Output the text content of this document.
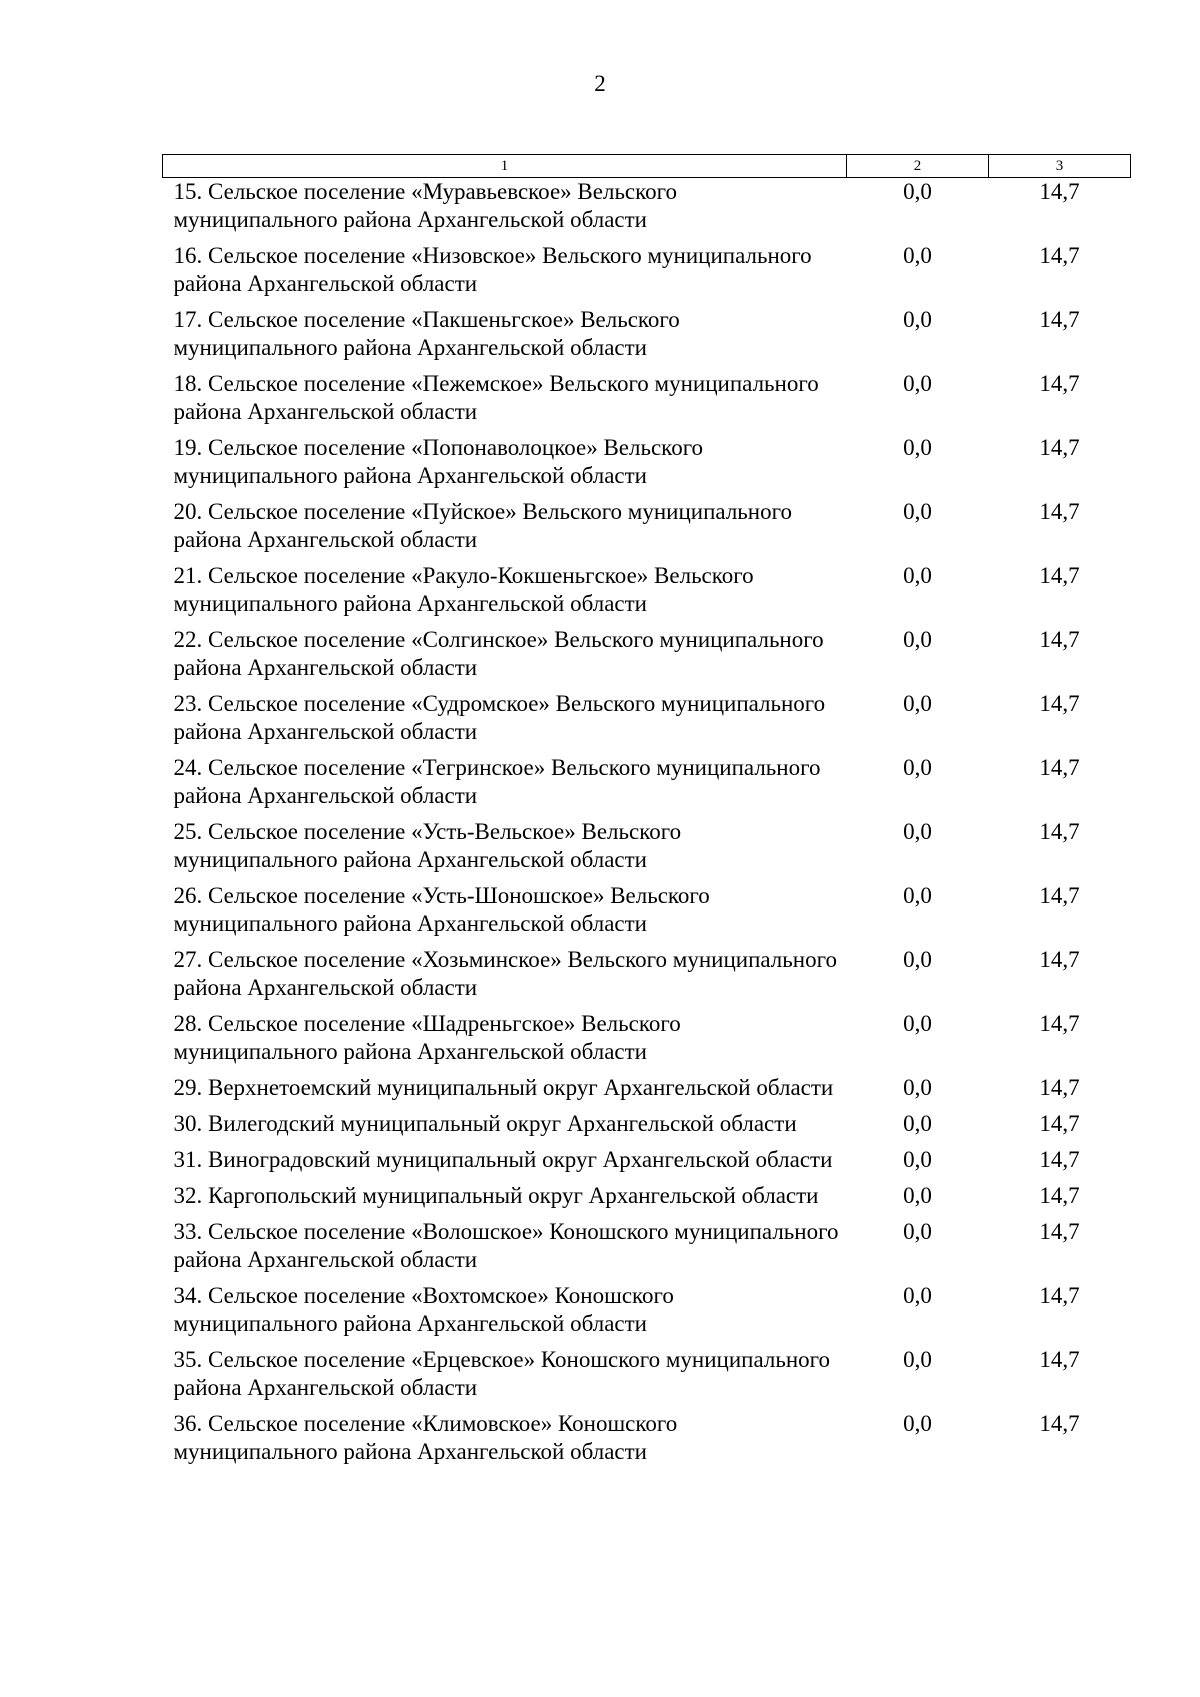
2
1	2	3
15. Сельское поселение «Муравьевское» Вельского муниципального района Архангельской области	0,0	14,7
16. Сельское поселение «Низовское» Вельского муниципального района Архангельской области	0,0	14,7
17. Сельское поселение «Пакшеньгское» Вельского муниципального района Архангельской области	0,0	14,7
18. Сельское поселение «Пежемское» Вельского муниципального района Архангельской области	0,0	14,7
19. Сельское поселение «Попонаволоцкое» Вельского муниципального района Архангельской области	0,0	14,7
20. Сельское поселение «Пуйское» Вельского муниципального района Архангельской области	0,0	14,7
21. Сельское поселение «Ракуло-Кокшеньгское» Вельского муниципального района Архангельской области	0,0	14,7
22. Сельское поселение «Солгинское» Вельского муниципального района Архангельской области	0,0	14,7
23. Сельское поселение «Судромское» Вельского муниципального района Архангельской области	0,0	14,7
24. Сельское поселение «Тегринское» Вельского муниципального района Архангельской области	0,0	14,7
25. Сельское поселение «Усть-Вельское» Вельского муниципального района Архангельской области	0,0	14,7
26. Сельское поселение «Усть-Шоношское» Вельского муниципального района Архангельской области	0,0	14,7
27. Сельское поселение «Хозьминское» Вельского муниципального района Архангельской области	0,0	14,7
28. Сельское поселение «Шадреньгское» Вельского муниципального района Архангельской области	0,0	14,7
29. Верхнетоемский муниципальный округ Архангельской области	0,0	14,7
30. Вилегодский муниципальный округ Архангельской области	0,0	14,7
31. Виноградовский муниципальный округ Архангельской области	0,0	14,7
32. Каргопольский муниципальный округ Архангельской области	0,0	14,7
33. Сельское поселение «Волошское» Коношского муниципального района Архангельской области	0,0	14,7
34. Сельское поселение «Вохтомское» Коношского муниципального района Архангельской области	0,0	14,7
35. Сельское поселение «Ерцевское» Коношского муниципального района Архангельской области	0,0	14,7
36. Сельское поселение «Климовское» Коношского муниципального района Архангельской области	0,0	14,7
